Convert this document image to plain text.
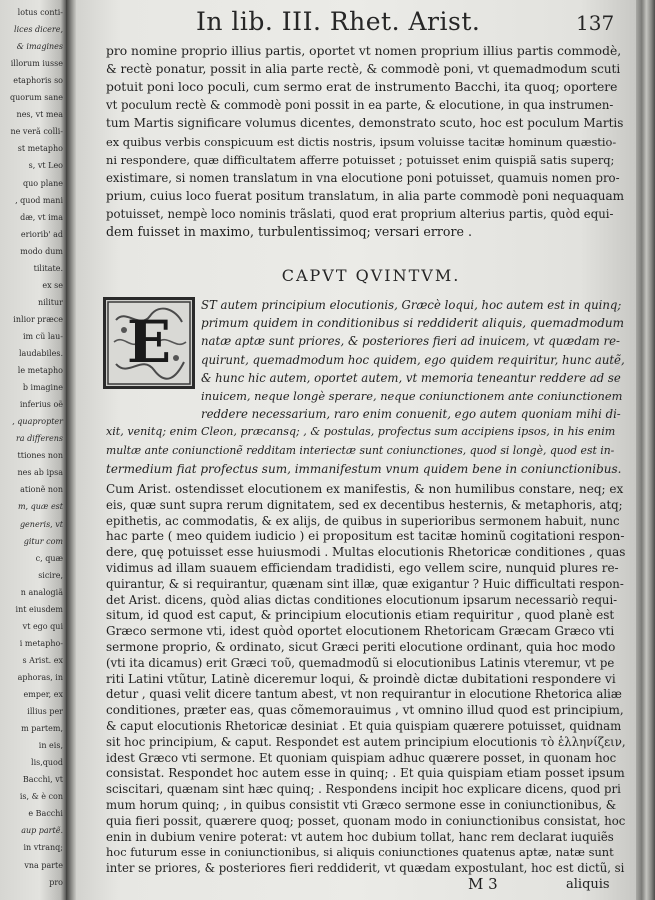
lotus conti-
lices dicere,
& imagines
illorum iusse
etaphoris so
quorum sane
nes, vt mea
ne verã colli-
st metapho
s, vt Leo
quo plane
, quod mani
dæ, vt ima
eriorib' ad
modo dum
tilitate.
ex se
nilitur
inlior præce
im cũ lau-
laudabiles.
le metapho
b imagine
inferius oẽ
, quapropter
ra differens
ttiones non
nes ab ipsa
ationẽ non
m, quæ est
generis, vt
gitur com
c, quæ
sicire,
n analogiã
int eiusdem
vt ego qui
i metapho-
s Arist. ex
aphoras, in
emper, ex
illius per
m partem,
in eis,
lis,quod
Bacchi, vt
is, & è con
e Bacchi
aup partẽ.
in vtranq;
vna parte
pro
In lib. III. Rhet. Arist.	137
pro nomine proprio illius partis, oportet vt nomen proprium illius partis commodè,
& rectè ponatur, possit in alia parte rectè, & commodè poni, vt quemadmodum scuti
potuit poni loco poculi, cum sermo erat de instrumento Bacchi, ita quoq; oportere
vt poculum rectè & commodè poni possit in ea parte, & elocutione, in qua instrumen-
tum Martis significare volumus dicentes, demonstrato scuto, hoc est poculum Martis
ex quibus verbis conspicuum est dictis nostris, ipsum voluisse tacitæ hominum quæstio-
ni respondere, quæ difficultatem afferre potuisset ; potuisset enim quispiã satis superq;
existimare, si nomen translatum in vna elocutione poni potuisset, quamuis nomen pro-
prium, cuius loco fuerat positum translatum, in alia parte commodè poni nequaquam
potuisset, nempè loco nominis trãslati, quod erat proprium alterius partis, quòd equi-
dem fuisset in maximo, turbulentissimoq; versari errore .
CAPVT QVINTVM.
E
ST autem principium elocutionis, Græcè loqui, hoc autem est in quinq;
primum quidem in conditionibus si reddiderit aliquis, quemadmodum
natæ aptæ sunt priores, & posteriores fieri ad inuicem, vt quædam re-
quirunt, quemadmodum hoc quidem, ego quidem requiritur, hunc autẽ,
& hunc hic autem, oportet autem, vt memoria teneantur reddere ad se
inuicem, neque longè sperare, neque coniunctionem ante coniunctionem
reddere necessarium, raro enim conuenit, ego autem quoniam mihi di-
xit, venitq; enim Cleon, præcansq; , & postulas, profectus sum accipiens ipsos, in his enim
multæ ante coniunctionẽ redditam interiectæ sunt coniunctiones, quod si longè, quod est in-
termedium fiat profectus sum, immanifestum vnum quidem bene in coniunctionibus.
Cum Arist. ostendisset elocutionem ex manifestis, & non humilibus constare, neq; ex
eis, quæ sunt supra rerum dignitatem, sed ex decentibus hesternis, & metaphoris, atq;
epithetis, ac commodatis, & ex alijs, de quibus in superioribus sermonem habuit, nunc
hac parte ( meo quidem iudicio ) ei propositum est tacitæ hominũ cogitationi respon-
dere, quę potuisset esse huiusmodi . Multas elocutionis Rhetoricæ conditiones , quas
vidimus ad illam suauem efficiendam tradidisti, ego vellem scire, nunquid plures re-
quirantur, & si requirantur, quænam sint illæ, quæ exigantur ? Huic difficultati respon-
det Arist. dicens, quòd alias dictas conditiones elocutionum ipsarum necessariò requi-
situm, id quod est caput, & principium elocutionis etiam requiritur , quod planè est
Græco sermone vti, idest quòd oportet elocutionem Rhetoricam Græcam Græco vti
sermone proprio, & ordinato, sicut Græci periti elocutione ordinant, quia hoc modo
(vti ita dicamus) erit Græci τοῦ, quemadmodũ si elocutionibus Latinis vteremur, vt pe
riti Latini vtũtur, Latinè diceremur loqui, & proindè dictæ dubitationi respondere vi
detur , quasi velit dicere tantum abest, vt non requirantur in elocutione Rhetorica aliæ
conditiones, præter eas, quas cõmemorauimus , vt omnino illud quod est principium,
& caput elocutionis Rhetoricæ desiniat . Et quia quispiam quærere potuisset, quidnam
sit hoc principium, & caput. Respondet est autem principium elocutionis τὸ ἑλληνίζειν,
idest Græco vti sermone. Et quoniam quispiam adhuc quærere posset, in quonam hoc
consistat. Respondet hoc autem esse in quinq; . Et quia quispiam etiam posset ipsum
sciscitari, quænam sint hæc quinq; . Respondens incipit hoc explicare dicens, quod pri
mum horum quinq; , in quibus consistit vti Græco sermone esse in coniunctionibus, &
quia fieri possit, quærere quoq; posset, quonam modo in coniunctionibus consistat, hoc
enin in dubium venire poterat: vt autem hoc dubium tollat, hanc rem declarat iuquiẽs
hoc futurum esse in coniunctionibus, si aliquis coniunctiones quatenus aptæ, natæ sunt
inter se priores, & posteriores fieri reddiderit, vt quædam expostulant, hoc est dictũ, si
M 3	aliquis
